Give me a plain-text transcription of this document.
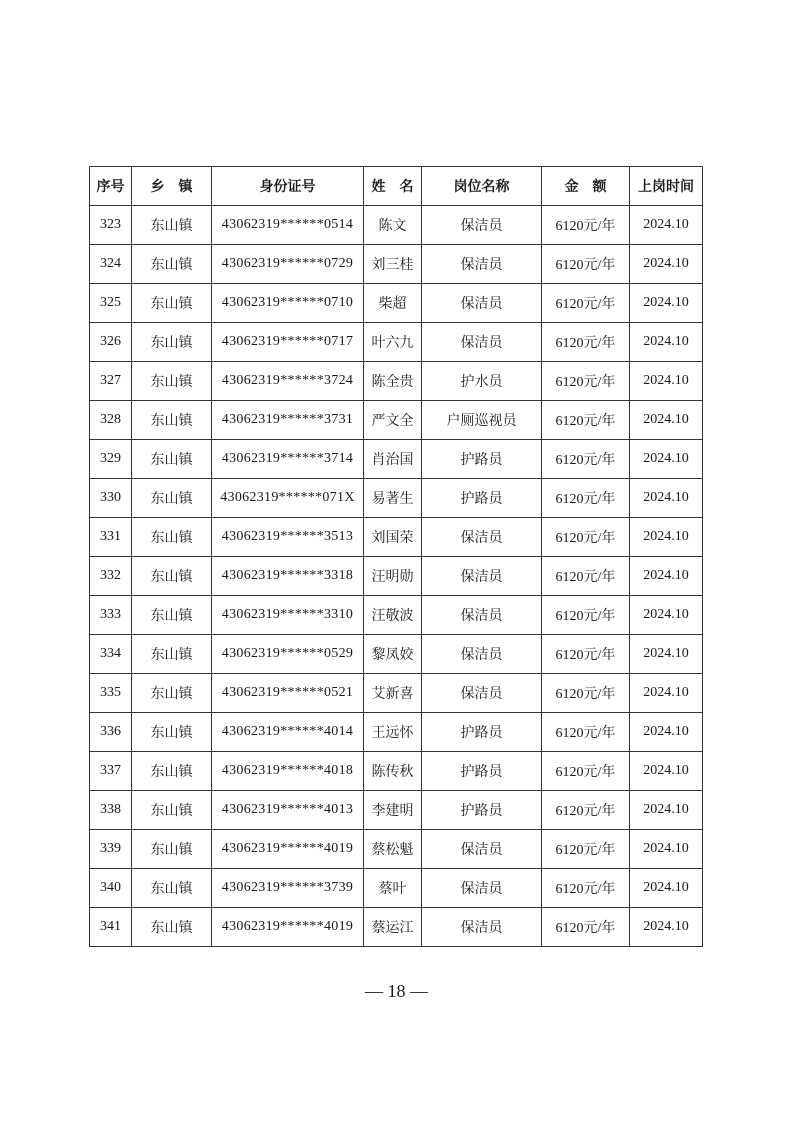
序号	乡　镇	身份证号	姓　名	岗位名称	金　额	上岗时间
323	东山镇	43062319******0514	陈文	保洁员	6120元/年	2024.10
324	东山镇	43062319******0729	刘三桂	保洁员	6120元/年	2024.10
325	东山镇	43062319******0710	柴超	保洁员	6120元/年	2024.10
326	东山镇	43062319******0717	叶六九	保洁员	6120元/年	2024.10
327	东山镇	43062319******3724	陈全贵	护水员	6120元/年	2024.10
328	东山镇	43062319******3731	严文全	户厕巡视员	6120元/年	2024.10
329	东山镇	43062319******3714	肖治国	护路员	6120元/年	2024.10
330	东山镇	43062319******071X	易著生	护路员	6120元/年	2024.10
331	东山镇	43062319******3513	刘国荣	保洁员	6120元/年	2024.10
332	东山镇	43062319******3318	汪明勋	保洁员	6120元/年	2024.10
333	东山镇	43062319******3310	汪敬波	保洁员	6120元/年	2024.10
334	东山镇	43062319******0529	黎凤姣	保洁员	6120元/年	2024.10
335	东山镇	43062319******0521	艾新喜	保洁员	6120元/年	2024.10
336	东山镇	43062319******4014	王远怀	护路员	6120元/年	2024.10
337	东山镇	43062319******4018	陈传秋	护路员	6120元/年	2024.10
338	东山镇	43062319******4013	李建明	护路员	6120元/年	2024.10
339	东山镇	43062319******4019	蔡松魁	保洁员	6120元/年	2024.10
340	东山镇	43062319******3739	蔡叶	保洁员	6120元/年	2024.10
341	东山镇	43062319******4019	蔡运江	保洁员	6120元/年	2024.10
— 18 —
